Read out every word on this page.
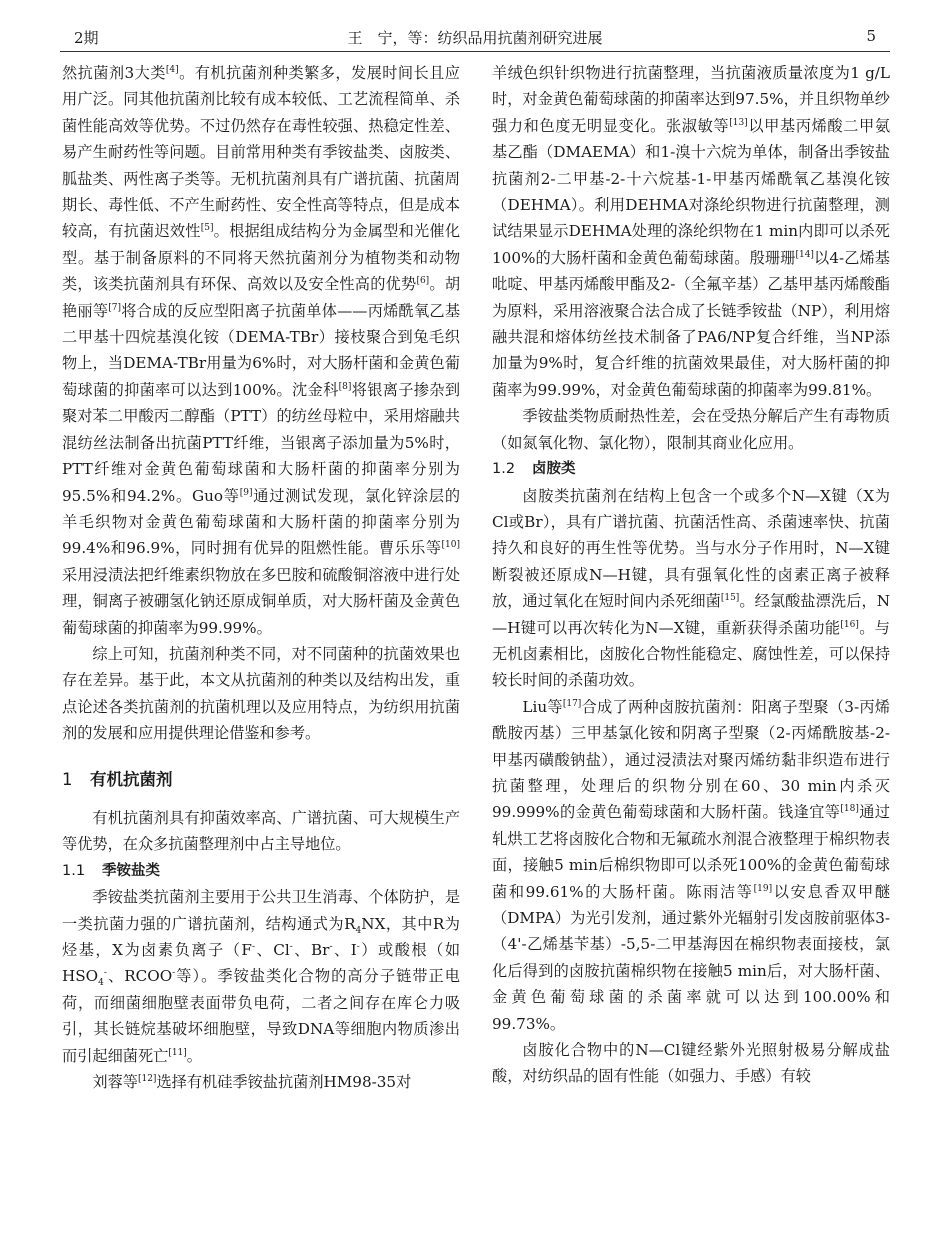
2期	王　宁，等：纺织品用抗菌剂研究进展	5

然抗菌剂3大类[4]。有机抗菌剂种类繁多，发展时间长且应用广泛。同其他抗菌剂比较有成本较低、工艺流程简单、杀菌性能高效等优势。不过仍然存在毒性较强、热稳定性差、易产生耐药性等问题。目前常用种类有季铵盐类、卤胺类、胍盐类、两性离子类等。无机抗菌剂具有广谱抗菌、抗菌周期长、毒性低、不产生耐药性、安全性高等特点，但是成本较高，有抗菌迟效性[5]。根据组成结构分为金属型和光催化型。基于制备原料的不同将天然抗菌剂分为植物类和动物类，该类抗菌剂具有环保、高效以及安全性高的优势[6]。胡艳丽等[7]将合成的反应型阳离子抗菌单体——丙烯酰氧乙基二甲基十四烷基溴化铵（DEMA-TBr）接枝聚合到兔毛织物上，当DEMA-TBr用量为6%时，对大肠杆菌和金黄色葡萄球菌的抑菌率可以达到100%。沈金科[8]将银离子掺杂到聚对苯二甲酸丙二醇酯（PTT）的纺丝母粒中，采用熔融共混纺丝法制备出抗菌PTT纤维，当银离子添加量为5%时，PTT纤维对金黄色葡萄球菌和大肠杆菌的抑菌率分别为95.5%和94.2%。Guo等[9]通过测试发现，氯化锌涂层的羊毛织物对金黄色葡萄球菌和大肠杆菌的抑菌率分别为99.4%和96.9%，同时拥有优异的阻燃性能。曹乐乐等[10]采用浸渍法把纤维素织物放在多巴胺和硫酸铜溶液中进行处理，铜离子被硼氢化钠还原成铜单质，对大肠杆菌及金黄色葡萄球菌的抑菌率为99.99%。

综上可知，抗菌剂种类不同，对不同菌种的抗菌效果也存在差异。基于此，本文从抗菌剂的种类以及结构出发，重点论述各类抗菌剂的抗菌机理以及应用特点，为纺织用抗菌剂的发展和应用提供理论借鉴和参考。

1 有机抗菌剂

有机抗菌剂具有抑菌效率高、广谱抗菌、可大规模生产等优势，在众多抗菌整理剂中占主导地位。

1.1 季铵盐类

季铵盐类抗菌剂主要用于公共卫生消毒、个体防护，是一类抗菌力强的广谱抗菌剂，结构通式为$R_4NX$，其中R为烃基，X为卤素负离子（F-、Cl-、Br-、I-）或酸根（如$HSO_4^-$、RCOO-等）。季铵盐类化合物的高分子链带正电荷，而细菌细胞壁表面带负电荷，二者之间存在库仑力吸引，其长链烷基破坏细胞壁，导致DNA等细胞内物质渗出而引起细菌死亡[11]。

刘蓉等[12]选择有机硅季铵盐抗菌剂HM98-35对

羊绒色织针织物进行抗菌整理，当抗菌液质量浓度为1 g/L时，对金黄色葡萄球菌的抑菌率达到97.5%，并且织物单纱强力和色度无明显变化。张淑敏等[13]以甲基丙烯酸二甲氨基乙酯（DMAEMA）和1-溴十六烷为单体，制备出季铵盐抗菌剂2-二甲基-2-十六烷基-1-甲基丙烯酰氧乙基溴化铵（DEHMA）。利用DEHMA对涤纶织物进行抗菌整理，测试结果显示DEHMA处理的涤纶织物在1 min内即可以杀死100%的大肠杆菌和金黄色葡萄球菌。殷珊珊[14]以4-乙烯基吡啶、甲基丙烯酸甲酯及2-（全氟辛基）乙基甲基丙烯酸酯为原料，采用溶液聚合法合成了长链季铵盐（NP），利用熔融共混和熔体纺丝技术制备了PA6/NP复合纤维，当NP添加量为9%时，复合纤维的抗菌效果最佳，对大肠杆菌的抑菌率为99.99%，对金黄色葡萄球菌的抑菌率为99.81%。

季铵盐类物质耐热性差，会在受热分解后产生有毒物质（如氮氧化物、氯化物），限制其商业化应用。

1.2 卤胺类

卤胺类抗菌剂在结构上包含一个或多个N—X键（X为Cl或Br），具有广谱抗菌、抗菌活性高、杀菌速率快、抗菌持久和良好的再生性等优势。当与水分子作用时，N—X键断裂被还原成N—H键，具有强氧化性的卤素正离子被释放，通过氧化在短时间内杀死细菌[15]。经氯酸盐漂洗后，N—H键可以再次转化为N—X键，重新获得杀菌功能[16]。与无机卤素相比，卤胺化合物性能稳定、腐蚀性差，可以保持较长时间的杀菌功效。

Liu等[17]合成了两种卤胺抗菌剂：阳离子型聚（3-丙烯酰胺丙基）三甲基氯化铵和阴离子型聚（2-丙烯酰胺基-2-甲基丙磺酸钠盐），通过浸渍法对聚丙烯纺黏非织造布进行抗菌整理，处理后的织物分别在60、30 min内杀灭99.999%的金黄色葡萄球菌和大肠杆菌。钱逢宜等[18]通过轧烘工艺将卤胺化合物和无氟疏水剂混合液整理于棉织物表面，接触5 min后棉织物即可以杀死100%的金黄色葡萄球菌和99.61%的大肠杆菌。陈雨洁等[19]以安息香双甲醚（DMPA）为光引发剂，通过紫外光辐射引发卤胺前驱体3-（4'-乙烯基苄基）-5,5-二甲基海因在棉织物表面接枝，氯化后得到的卤胺抗菌棉织物在接触5 min后，对大肠杆菌、金黄色葡萄球菌的杀菌率就可以达到100.00%和99.73%。

卤胺化合物中的N—Cl键经紫外光照射极易分解成盐酸，对纺织品的固有性能（如强力、手感）有较
